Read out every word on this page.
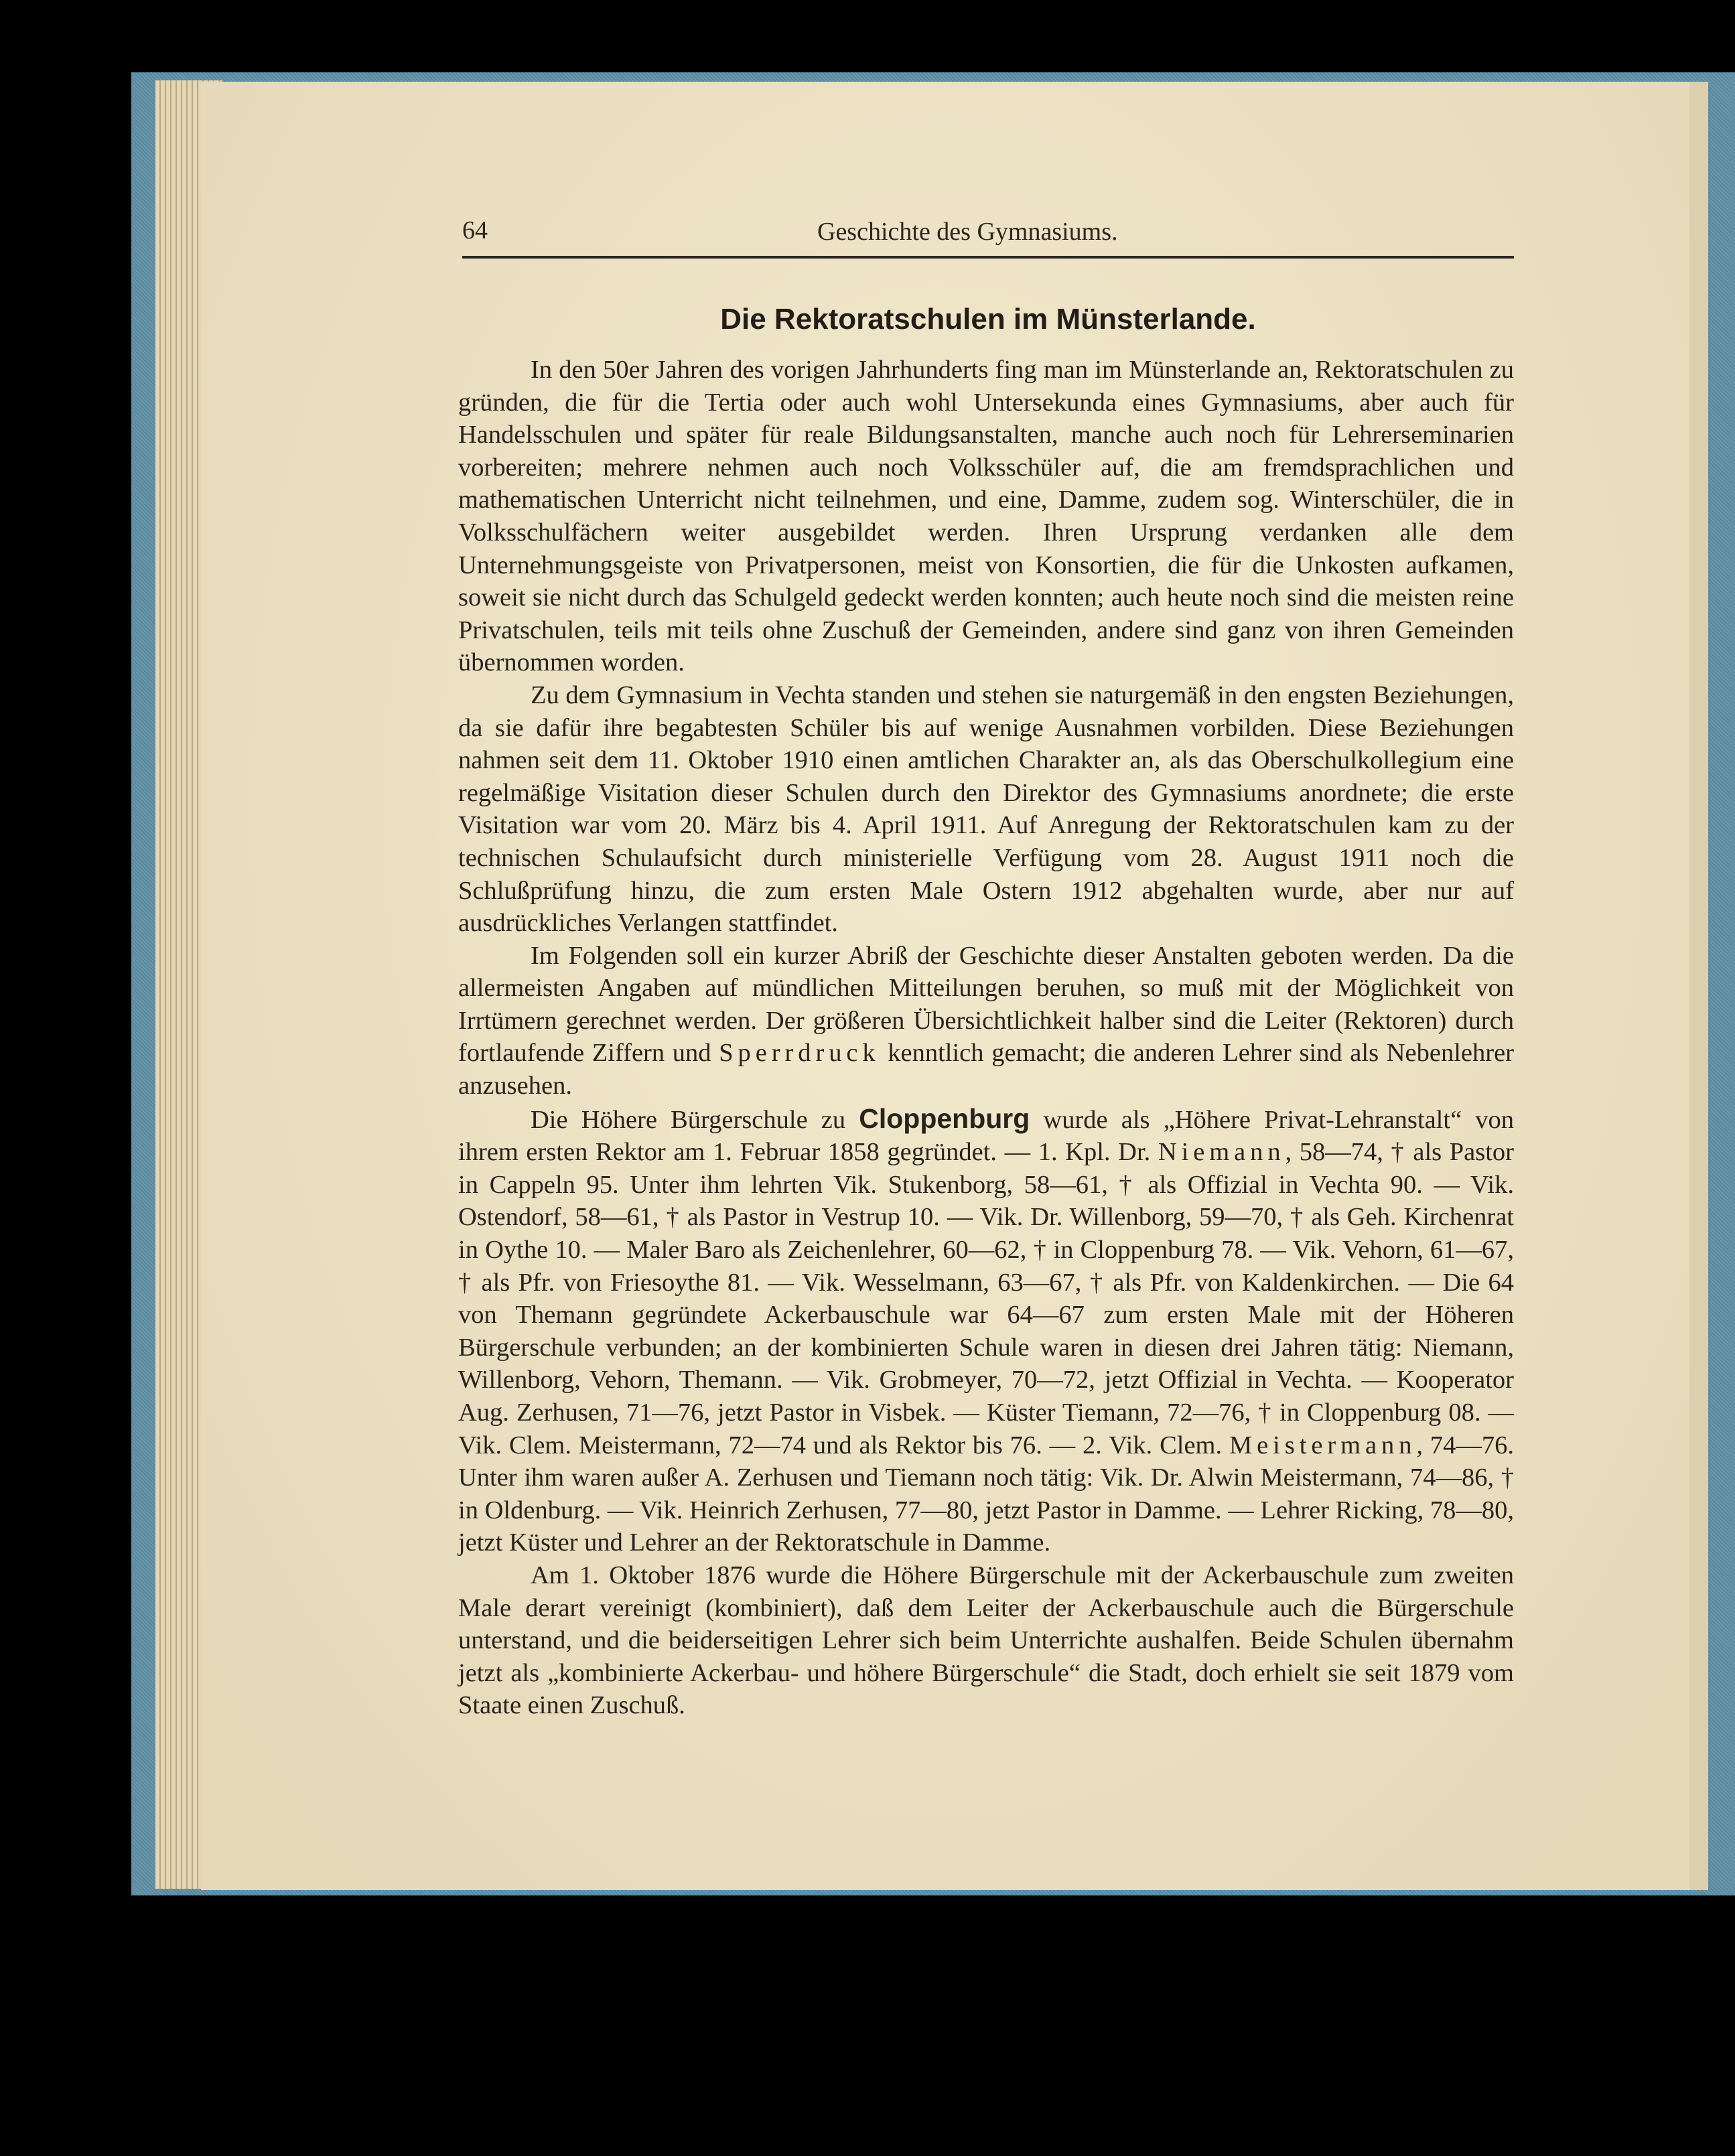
64	Geschichte des Gymnasiums.
Die Rektoratschulen im Münsterlande.

In den 50er Jahren des vorigen Jahrhunderts fing man im Münsterlande an, Rektoratschulen zu gründen, die für die Tertia oder auch wohl Untersekunda eines Gymnasiums, aber auch für Handelsschulen und später für reale Bildungsanstalten, manche auch noch für Lehrerseminarien vorbereiten; mehrere nehmen auch noch Volksschüler auf, die am fremdsprachlichen und mathematischen Unterricht nicht teilnehmen, und eine, Damme, zudem sog. Winterschüler, die in Volksschulfächern weiter ausgebildet werden. Ihren Ursprung verdanken alle dem Unternehmungsgeiste von Privatpersonen, meist von Konsortien, die für die Unkosten aufkamen, soweit sie nicht durch das Schulgeld gedeckt werden konnten; auch heute noch sind die meisten reine Privatschulen, teils mit teils ohne Zuschuß der Gemeinden, andere sind ganz von ihren Gemeinden übernommen worden.

Zu dem Gymnasium in Vechta standen und stehen sie naturgemäß in den engsten Beziehungen, da sie dafür ihre begabtesten Schüler bis auf wenige Ausnahmen vorbilden. Diese Beziehungen nahmen seit dem 11. Oktober 1910 einen amtlichen Charakter an, als das Oberschulkollegium eine regelmäßige Visitation dieser Schulen durch den Direktor des Gymnasiums anordnete; die erste Visitation war vom 20. März bis 4. April 1911. Auf Anregung der Rektoratschulen kam zu der technischen Schulaufsicht durch ministerielle Verfügung vom 28. August 1911 noch die Schlußprüfung hinzu, die zum ersten Male Ostern 1912 abgehalten wurde, aber nur auf ausdrückliches Verlangen stattfindet.

Im Folgenden soll ein kurzer Abriß der Geschichte dieser Anstalten geboten werden. Da die allermeisten Angaben auf mündlichen Mitteilungen beruhen, so muß mit der Möglichkeit von Irrtümern gerechnet werden. Der größeren Übersichtlichkeit halber sind die Leiter (Rektoren) durch fortlaufende Ziffern und Sperrdruck kenntlich gemacht; die anderen Lehrer sind als Nebenlehrer anzusehen.

Die Höhere Bürgerschule zu Cloppenburg wurde als „Höhere Privat-Lehranstalt“ von ihrem ersten Rektor am 1. Februar 1858 gegründet. — 1. Kpl. Dr. Niemann, 58—74, † als Pastor in Cappeln 95. Unter ihm lehrten Vik. Stukenborg, 58—61, † als Offizial in Vechta 90. — Vik. Ostendorf, 58—61, † als Pastor in Vestrup 10. — Vik. Dr. Willenborg, 59—70, † als Geh. Kirchenrat in Oythe 10. — Maler Baro als Zeichenlehrer, 60—62, † in Cloppenburg 78. — Vik. Vehorn, 61—67, † als Pfr. von Friesoythe 81. — Vik. Wesselmann, 63—67, † als Pfr. von Kaldenkirchen. — Die 64 von Themann gegründete Ackerbauschule war 64—67 zum ersten Male mit der Höheren Bürgerschule verbunden; an der kombinierten Schule waren in diesen drei Jahren tätig: Niemann, Willenborg, Vehorn, Themann. — Vik. Grobmeyer, 70—72, jetzt Offizial in Vechta. — Kooperator Aug. Zerhusen, 71—76, jetzt Pastor in Visbek. — Küster Tiemann, 72—76, † in Cloppenburg 08. — Vik. Clem. Meistermann, 72—74 und als Rektor bis 76. — 2. Vik. Clem. Meistermann, 74—76. Unter ihm waren außer A. Zerhusen und Tiemann noch tätig: Vik. Dr. Alwin Meistermann, 74—86, † in Oldenburg. — Vik. Heinrich Zerhusen, 77—80, jetzt Pastor in Damme. — Lehrer Ricking, 78—80, jetzt Küster und Lehrer an der Rektoratschule in Damme.

Am 1. Oktober 1876 wurde die Höhere Bürgerschule mit der Ackerbauschule zum zweiten Male derart vereinigt (kombiniert), daß dem Leiter der Ackerbauschule auch die Bürgerschule unterstand, und die beiderseitigen Lehrer sich beim Unterrichte aushalfen. Beide Schulen übernahm jetzt als „kombinierte Ackerbau- und höhere Bürgerschule“ die Stadt, doch erhielt sie seit 1879 vom Staate einen Zuschuß.
